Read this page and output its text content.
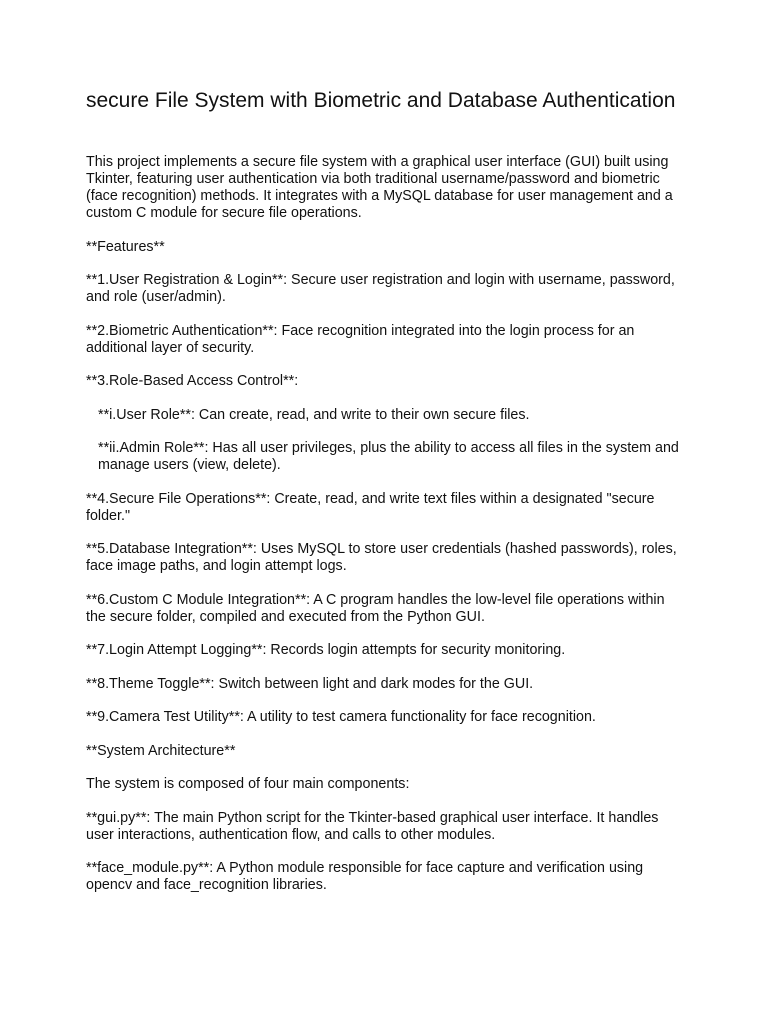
secure File System with Biometric and Database Authentication

This project implements a secure file system with a graphical user interface (GUI) built using Tkinter, featuring user authentication via both traditional username/password and biometric (face recognition) methods. It integrates with a MySQL database for user management and a custom C module for secure file operations.

**Features**

**1.User Registration & Login**: Secure user registration and login with username, password, and role (user/admin).

**2.Biometric Authentication**: Face recognition integrated into the login process for an additional layer of security.

**3.Role-Based Access Control**:

**i.User Role**: Can create, read, and write to their own secure files.

**ii.Admin Role**: Has all user privileges, plus the ability to access all files in the system and manage users (view, delete).

**4.Secure File Operations**: Create, read, and write text files within a designated "secure folder."

**5.Database Integration**: Uses MySQL to store user credentials (hashed passwords), roles, face image paths, and login attempt logs.

**6.Custom C Module Integration**: A C program handles the low-level file operations within the secure folder, compiled and executed from the Python GUI.

**7.Login Attempt Logging**: Records login attempts for security monitoring.

**8.Theme Toggle**: Switch between light and dark modes for the GUI.

**9.Camera Test Utility**: A utility to test camera functionality for face recognition.

**System Architecture**

The system is composed of four main components:

**gui.py**: The main Python script for the Tkinter-based graphical user interface. It handles user interactions, authentication flow, and calls to other modules.

**face_module.py**: A Python module responsible for face capture and verification using opencv and face_recognition libraries.
